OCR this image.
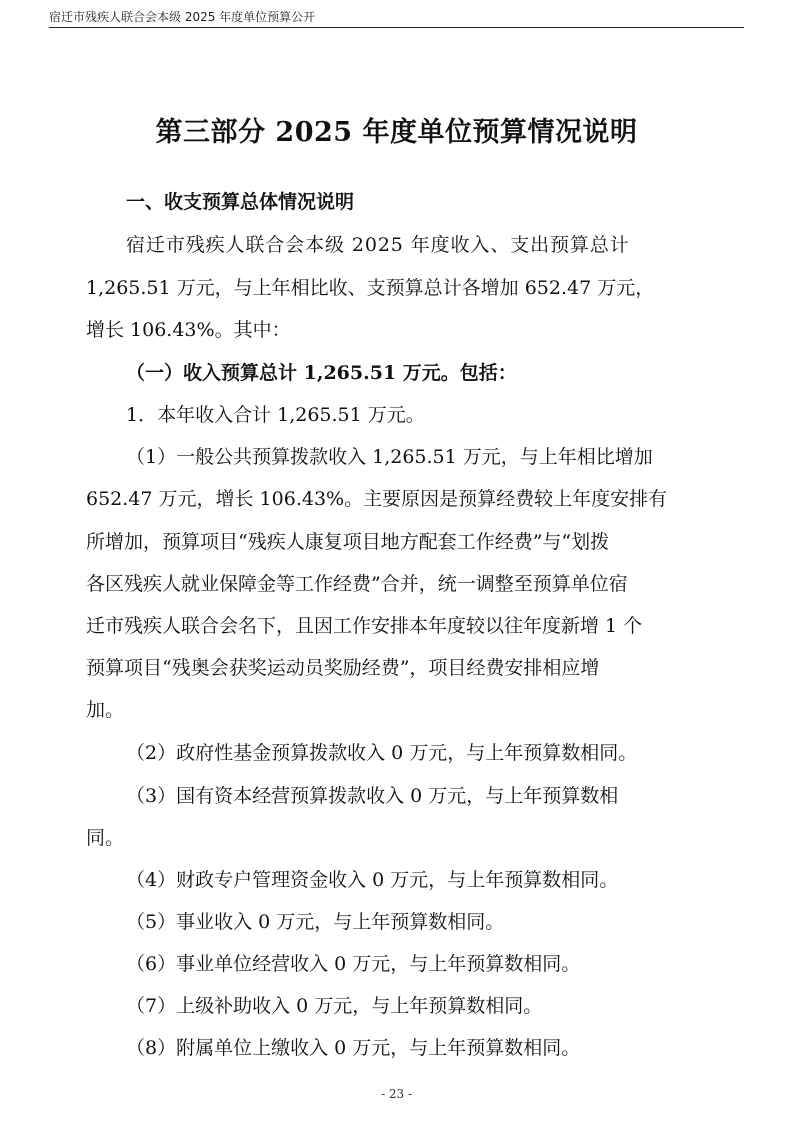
宿迁市残疾人联合会本级 2025 年度单位预算公开
第三部分 2025 年度单位预算情况说明
一、收支预算总体情况说明
宿迁市残疾人联合会本级 2025 年度收入、支出预算总计
1,265.51 万元，与上年相比收、支预算总计各增加 652.47 万元，
增长 106.43%。其中：
（一）收入预算总计 1,265.51 万元。包括：
1．本年收入合计 1,265.51 万元。
（1）一般公共预算拨款收入 1,265.51 万元，与上年相比增加
652.47 万元，增长 106.43%。主要原因是预算经费较上年度安排有
所增加，预算项目“残疾人康复项目地方配套工作经费”与“划拨
各区残疾人就业保障金等工作经费”合并，统一调整至预算单位宿
迁市残疾人联合会名下，且因工作安排本年度较以往年度新增 1 个
预算项目“残奥会获奖运动员奖励经费”，项目经费安排相应增
加。
（2）政府性基金预算拨款收入 0 万元，与上年预算数相同。
（3）国有资本经营预算拨款收入 0 万元，与上年预算数相
同。
（4）财政专户管理资金收入 0 万元，与上年预算数相同。
（5）事业收入 0 万元，与上年预算数相同。
（6）事业单位经营收入 0 万元，与上年预算数相同。
（7）上级补助收入 0 万元，与上年预算数相同。
（8）附属单位上缴收入 0 万元，与上年预算数相同。
- 23 -
